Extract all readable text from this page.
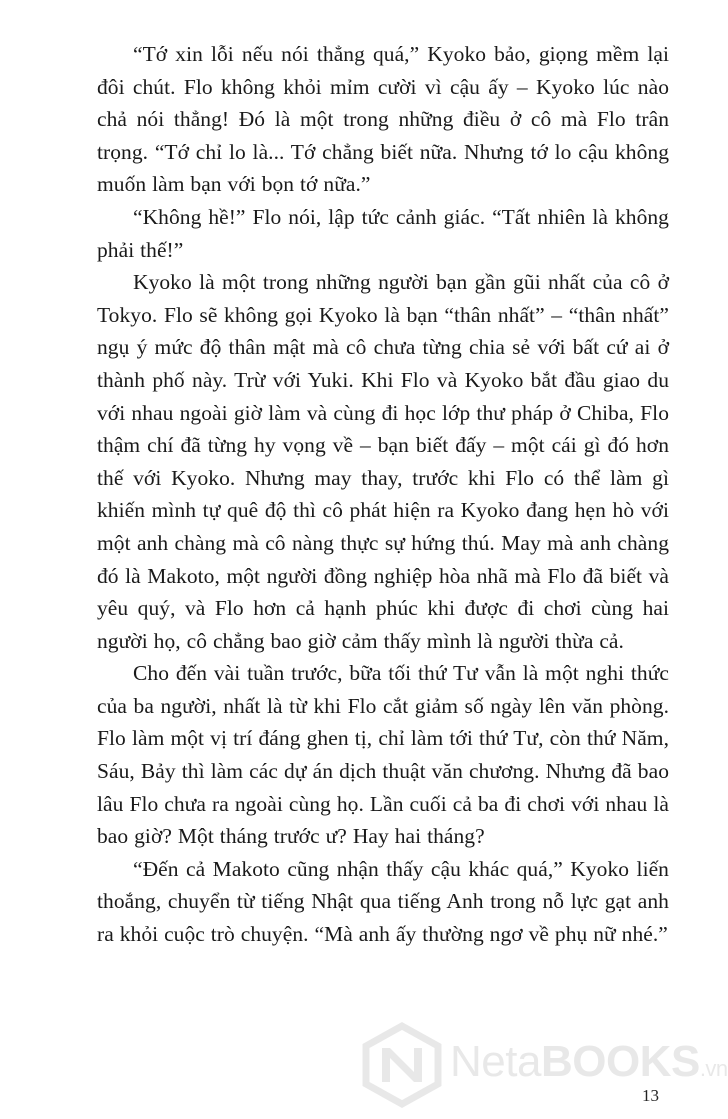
“Tớ xin lỗi nếu nói thẳng quá,” Kyoko bảo, giọng mềm lại đôi chút. Flo không khỏi mỉm cười vì cậu ấy – Kyoko lúc nào chả nói thẳng! Đó là một trong những điều ở cô mà Flo trân trọng. “Tớ chỉ lo là... Tớ chẳng biết nữa. Nhưng tớ lo cậu không muốn làm bạn với bọn tớ nữa.”

“Không hề!” Flo nói, lập tức cảnh giác. “Tất nhiên là không phải thế!”

Kyoko là một trong những người bạn gần gũi nhất của cô ở Tokyo. Flo sẽ không gọi Kyoko là bạn “thân nhất” – “thân nhất” ngụ ý mức độ thân mật mà cô chưa từng chia sẻ với bất cứ ai ở thành phố này. Trừ với Yuki. Khi Flo và Kyoko bắt đầu giao du với nhau ngoài giờ làm và cùng đi học lớp thư pháp ở Chiba, Flo thậm chí đã từng hy vọng về – bạn biết đấy – một cái gì đó hơn thế với Kyoko. Nhưng may thay, trước khi Flo có thể làm gì khiến mình tự quê độ thì cô phát hiện ra Kyoko đang hẹn hò với một anh chàng mà cô nàng thực sự hứng thú. May mà anh chàng đó là Makoto, một người đồng nghiệp hòa nhã mà Flo đã biết và yêu quý, và Flo hơn cả hạnh phúc khi được đi chơi cùng hai người họ, cô chẳng bao giờ cảm thấy mình là người thừa cả.

Cho đến vài tuần trước, bữa tối thứ Tư vẫn là một nghi thức của ba người, nhất là từ khi Flo cắt giảm số ngày lên văn phòng. Flo làm một vị trí đáng ghen tị, chỉ làm tới thứ Tư, còn thứ Năm, Sáu, Bảy thì làm các dự án dịch thuật văn chương. Nhưng đã bao lâu Flo chưa ra ngoài cùng họ. Lần cuối cả ba đi chơi với nhau là bao giờ? Một tháng trước ư? Hay hai tháng?

“Đến cả Makoto cũng nhận thấy cậu khác quá,” Kyoko liến thoắng, chuyển từ tiếng Nhật qua tiếng Anh trong nỗ lực gạt anh ra khỏi cuộc trò chuyện. “Mà anh ấy thường ngơ về phụ nữ nhé.”

NetaBOOKS.vn
13
